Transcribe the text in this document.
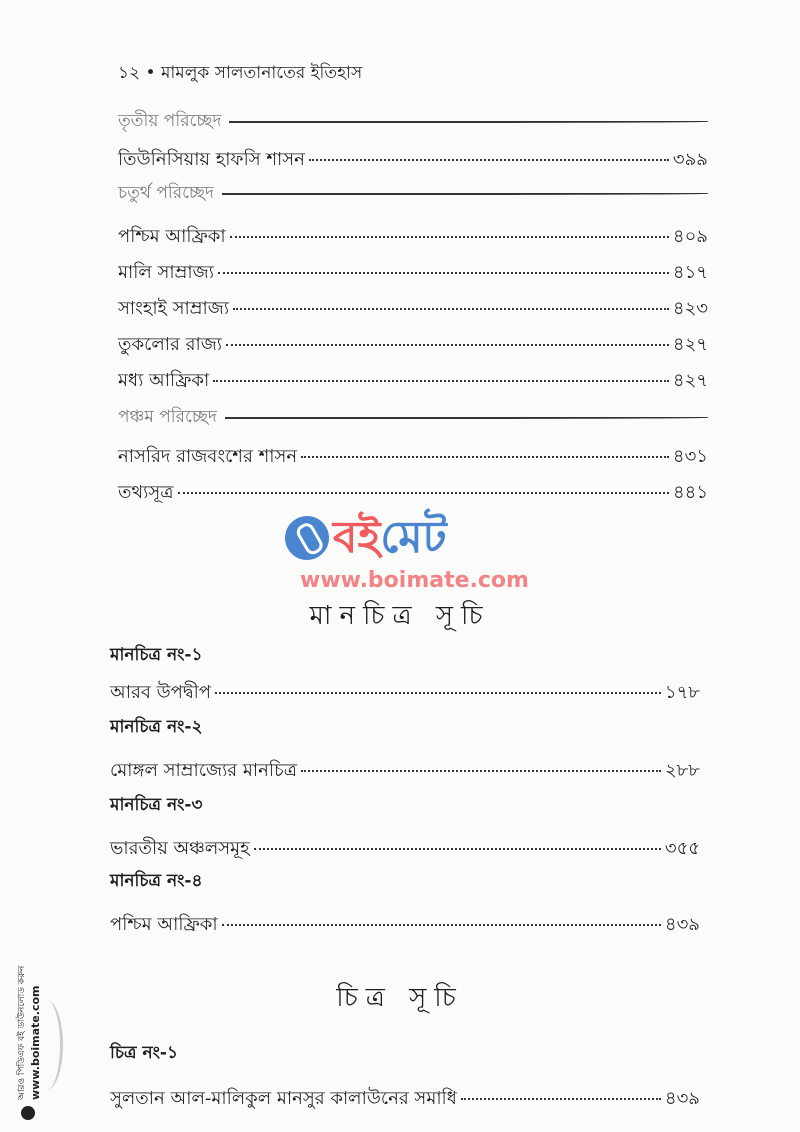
১২ • মামলুক সালতানাতের ইতিহাস
তৃতীয় পরিচ্ছেদ
তিউনিসিয়ায় হাফসি শাসন	৩৯৯
চতুর্থ পরিচ্ছেদ
পশ্চিম আফ্রিকা	৪০৯
মালি সাম্রাজ্য	৪১৭
সাংহাই সাম্রাজ্য	৪২৩
তুকলোর রাজ্য	৪২৭
মধ্য আফ্রিকা	৪২৭
পঞ্চম পরিচ্ছেদ
নাসরিদ রাজবংশের শাসন	৪৩১
তথ্যসূত্র	৪৪১
বই মেট
www.boimate.com
মানচিত্র সূচি
মানচিত্র নং-১
আরব উপদ্বীপ	১৭৮
মানচিত্র নং-২
মোঙ্গল সাম্রাজ্যের মানচিত্র	২৮৮
মানচিত্র নং-৩
ভারতীয় অঞ্চলসমূহ	৩৫৫
মানচিত্র নং-৪
পশ্চিম আফ্রিকা	৪৩৯
চিত্র সূচি
চিত্র নং-১
সুলতান আল-মালিকুল মানসুর কালাউনের সমাধি	৪৩৯
আরও পিডিএফ বই ডাউনলোড করুন www.boimate.com
